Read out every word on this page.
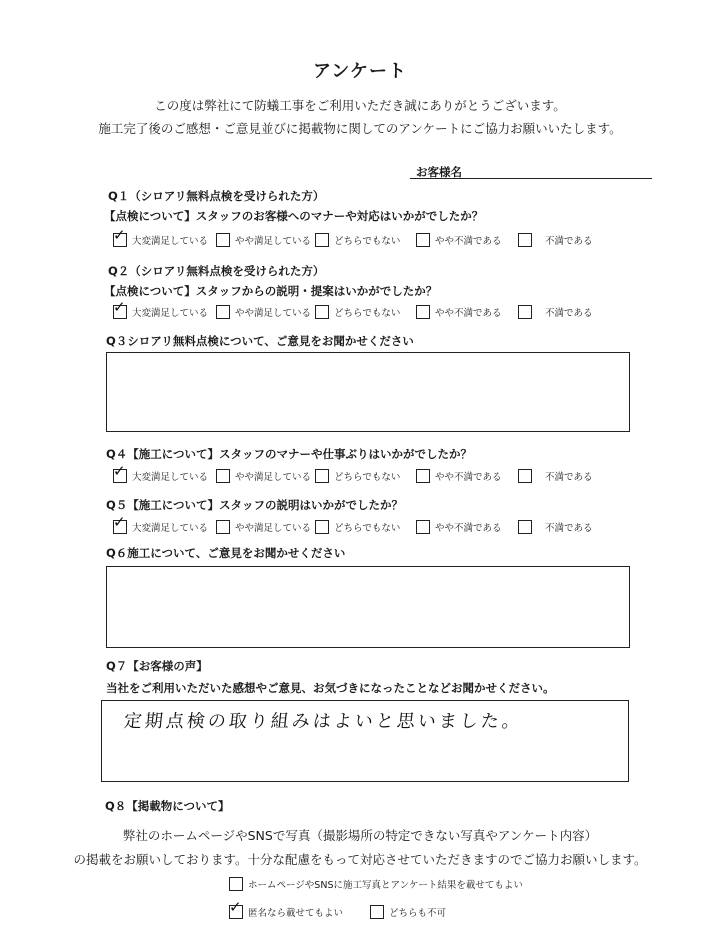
アンケート
この度は弊社にて防蟻工事をご利用いただき誠にありがとうございます。
施工完了後のご感想・ご意見並びに掲載物に関してのアンケートにご協力お願いいたします。
お客様名
Q１（シロアリ無料点検を受けられた方）
【点検について】スタッフのお客様へのマナーや対応はいかがでしたか？
✓ 大変満足している	やや満足している どちらでもない	やや不満である	不満である
Q２（シロアリ無料点検を受けられた方）
【点検について】スタッフからの説明・提案はいかがでしたか？
✓ 大変満足している	やや満足している どちらでもない	やや不満である	不満である
Q３シロアリ無料点検について、ご意見をお聞かせください
Q４【施工について】スタッフのマナーや仕事ぶりはいかがでしたか？
✓ 大変満足している	やや満足している どちらでもない	やや不満である	不満である
Q５【施工について】スタッフの説明はいかがでしたか？
✓ 大変満足している	やや満足している どちらでもない	やや不満である	不満である
Q６施工について、ご意見をお聞かせください
Q７【お客様の声】
当社をご利用いただいた感想やご意見、お気づきになったことなどお聞かせください。
定期点検の取り組みはよいと思いました。
Q８【掲載物について】
弊社のホームページやSNSで写真（撮影場所の特定できない写真やアンケート内容）
の掲載をお願いしております。十分な配慮をもって対応させていただきますのでご協力お願いします。
ホームページやSNSに施工写真とアンケート結果を載せてもよい
✓ 匿名なら載せてもよい	どちらも不可
